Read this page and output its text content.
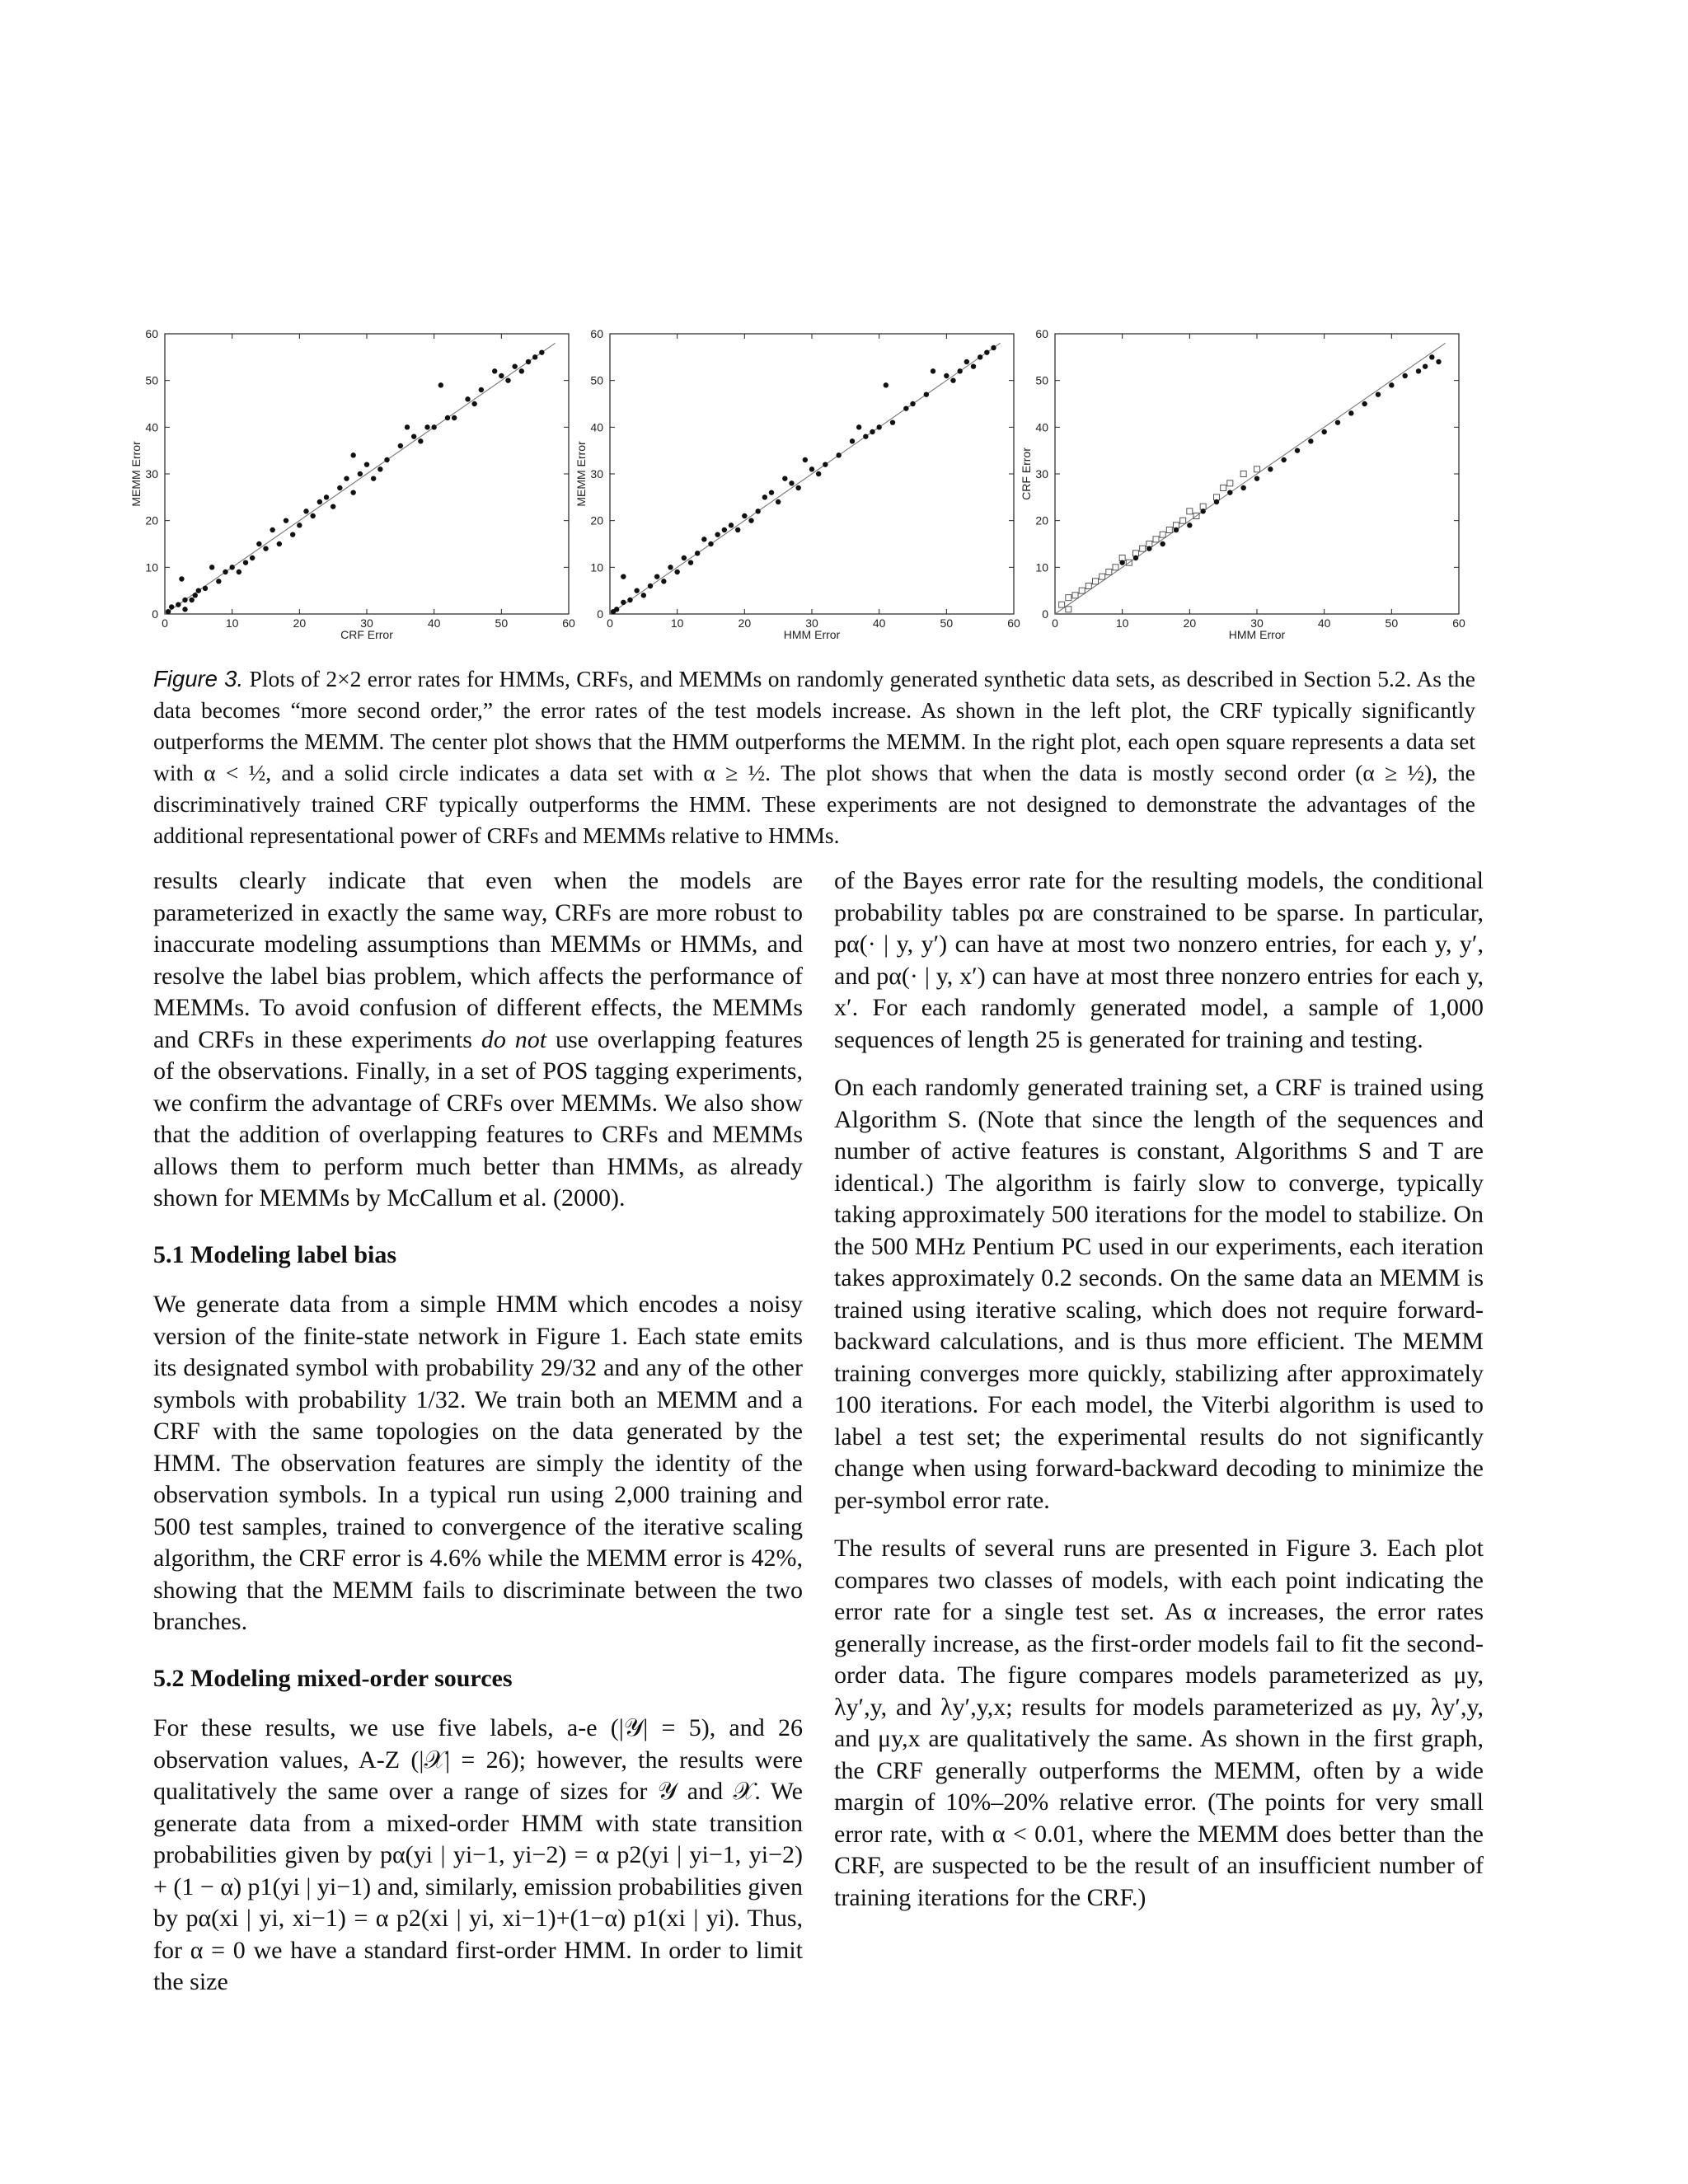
0	10	20	30	40	50	60
0
10
20
30
40
50
60
CRF Error
MEMM Error
0	10	20	30	40	50	60
0
10
20
30
40
50
60
HMM Error
MEMM Error
0	10	20	30	40	50	60
0
10
20
30
40
50
60
HMM Error
CRF Error
Figure 3. Plots of 2×2 error rates for HMMs, CRFs, and MEMMs on randomly generated synthetic data sets, as described in Section 5.2. As the data becomes “more second order,” the error rates of the test models increase. As shown in the left plot, the CRF typically significantly outperforms the MEMM. The center plot shows that the HMM outperforms the MEMM. In the right plot, each open square represents a data set with α < ½, and a solid circle indicates a data set with α ≥ ½. The plot shows that when the data is mostly second order (α ≥ ½), the discriminatively trained CRF typically outperforms the HMM. These experiments are not designed to demonstrate the advantages of the additional representational power of CRFs and MEMMs relative to HMMs.

results clearly indicate that even when the models are parameterized in exactly the same way, CRFs are more robust to inaccurate modeling assumptions than MEMMs or HMMs, and resolve the label bias problem, which affects the performance of MEMMs. To avoid confusion of different effects, the MEMMs and CRFs in these experiments do not use overlapping features of the observations. Finally, in a set of POS tagging experiments, we confirm the advantage of CRFs over MEMMs. We also show that the addition of overlapping features to CRFs and MEMMs allows them to perform much better than HMMs, as already shown for MEMMs by McCallum et al. (2000).

5.1 Modeling label bias

We generate data from a simple HMM which encodes a noisy version of the finite-state network in Figure 1. Each state emits its designated symbol with probability 29/32 and any of the other symbols with probability 1/32. We train both an MEMM and a CRF with the same topologies on the data generated by the HMM. The observation features are simply the identity of the observation symbols. In a typical run using 2,000 training and 500 test samples, trained to convergence of the iterative scaling algorithm, the CRF error is 4.6% while the MEMM error is 42%, showing that the MEMM fails to discriminate between the two branches.

5.2 Modeling mixed-order sources

For these results, we use five labels, a-e (|𝒴| = 5), and 26 observation values, A-Z (|𝒳| = 26); however, the results were qualitatively the same over a range of sizes for 𝒴 and 𝒳. We generate data from a mixed-order HMM with state transition probabilities given by pα(yi | yi−1, yi−2) = α p2(yi | yi−1, yi−2) + (1 − α) p1(yi | yi−1) and, similarly, emission probabilities given by pα(xi | yi, xi−1) = α p2(xi | yi, xi−1)+(1−α) p1(xi | yi). Thus, for α = 0 we have a standard first-order HMM. In order to limit the size

of the Bayes error rate for the resulting models, the conditional probability tables pα are constrained to be sparse. In particular, pα(· | y, y′) can have at most two nonzero entries, for each y, y′, and pα(· | y, x′) can have at most three nonzero entries for each y, x′. For each randomly generated model, a sample of 1,000 sequences of length 25 is generated for training and testing.

On each randomly generated training set, a CRF is trained using Algorithm S. (Note that since the length of the sequences and number of active features is constant, Algorithms S and T are identical.) The algorithm is fairly slow to converge, typically taking approximately 500 iterations for the model to stabilize. On the 500 MHz Pentium PC used in our experiments, each iteration takes approximately 0.2 seconds. On the same data an MEMM is trained using iterative scaling, which does not require forward-backward calculations, and is thus more efficient. The MEMM training converges more quickly, stabilizing after approximately 100 iterations. For each model, the Viterbi algorithm is used to label a test set; the experimental results do not significantly change when using forward-backward decoding to minimize the per-symbol error rate.

The results of several runs are presented in Figure 3. Each plot compares two classes of models, with each point indicating the error rate for a single test set. As α increases, the error rates generally increase, as the first-order models fail to fit the second-order data. The figure compares models parameterized as μy, λy′,y, and λy′,y,x; results for models parameterized as μy, λy′,y, and μy,x are qualitatively the same. As shown in the first graph, the CRF generally outperforms the MEMM, often by a wide margin of 10%–20% relative error. (The points for very small error rate, with α < 0.01, where the MEMM does better than the CRF, are suspected to be the result of an insufficient number of training iterations for the CRF.)
